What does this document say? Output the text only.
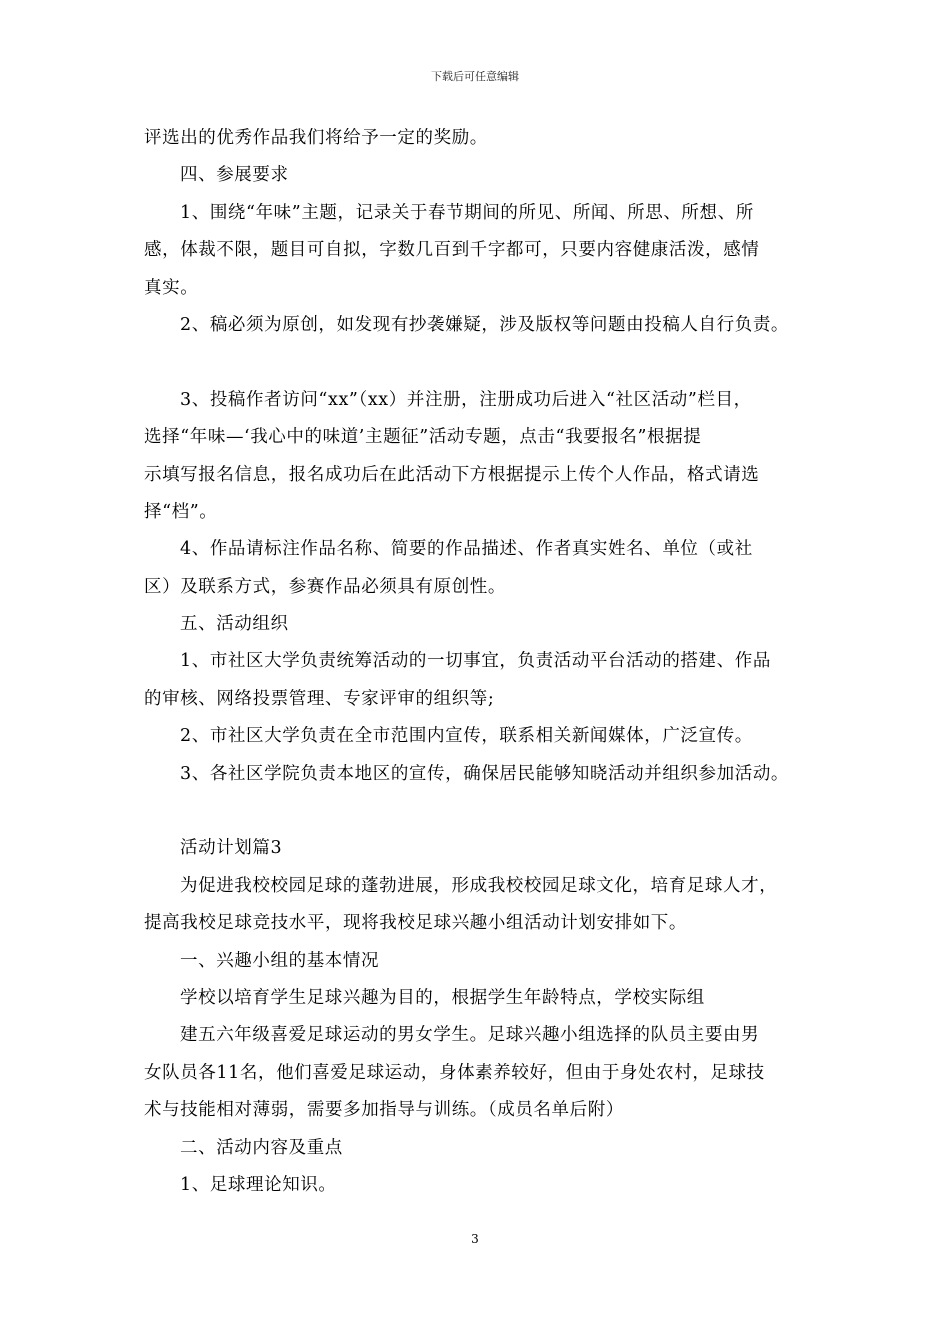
下载后可任意编辑
评选出的优秀作品我们将给予一定的奖励。
四、参展要求
1、围绕“年味”主题，记录关于春节期间的所见、所闻、所思、所想、所
感，体裁不限，题目可自拟，字数几百到千字都可，只要内容健康活泼，感情
真实。
2、稿必须为原创，如发现有抄袭嫌疑，涉及版权等问题由投稿人自行负责。
3、投稿作者访问“xx”（xx）并注册，注册成功后进入“社区活动”栏目，
选择“年味—‘我心中的味道’主题征”活动专题，点击“我要报名”根据提
示填写报名信息，报名成功后在此活动下方根据提示上传个人作品，格式请选
择“档”。
4、作品请标注作品名称、简要的作品描述、作者真实姓名、单位（或社
区）及联系方式，参赛作品必须具有原创性。
五、活动组织
1、市社区大学负责统筹活动的一切事宜，负责活动平台活动的搭建、作品
的审核、网络投票管理、专家评审的组织等;
2、市社区大学负责在全市范围内宣传，联系相关新闻媒体，广泛宣传。
3、各社区学院负责本地区的宣传，确保居民能够知晓活动并组织参加活动。
活动计划篇3
为促进我校校园足球的蓬勃进展，形成我校校园足球文化，培育足球人才，
提高我校足球竞技水平，现将我校足球兴趣小组活动计划安排如下。
一、兴趣小组的基本情况
学校以培育学生足球兴趣为目的，根据学生年龄特点，学校实际组
建五六年级喜爱足球运动的男女学生。足球兴趣小组选择的队员主要由男
女队员各11名，他们喜爱足球运动，身体素养较好，但由于身处农村，足球技
术与技能相对薄弱，需要多加指导与训练。（成员名单后附）
二、活动内容及重点
1、足球理论知识。
3
